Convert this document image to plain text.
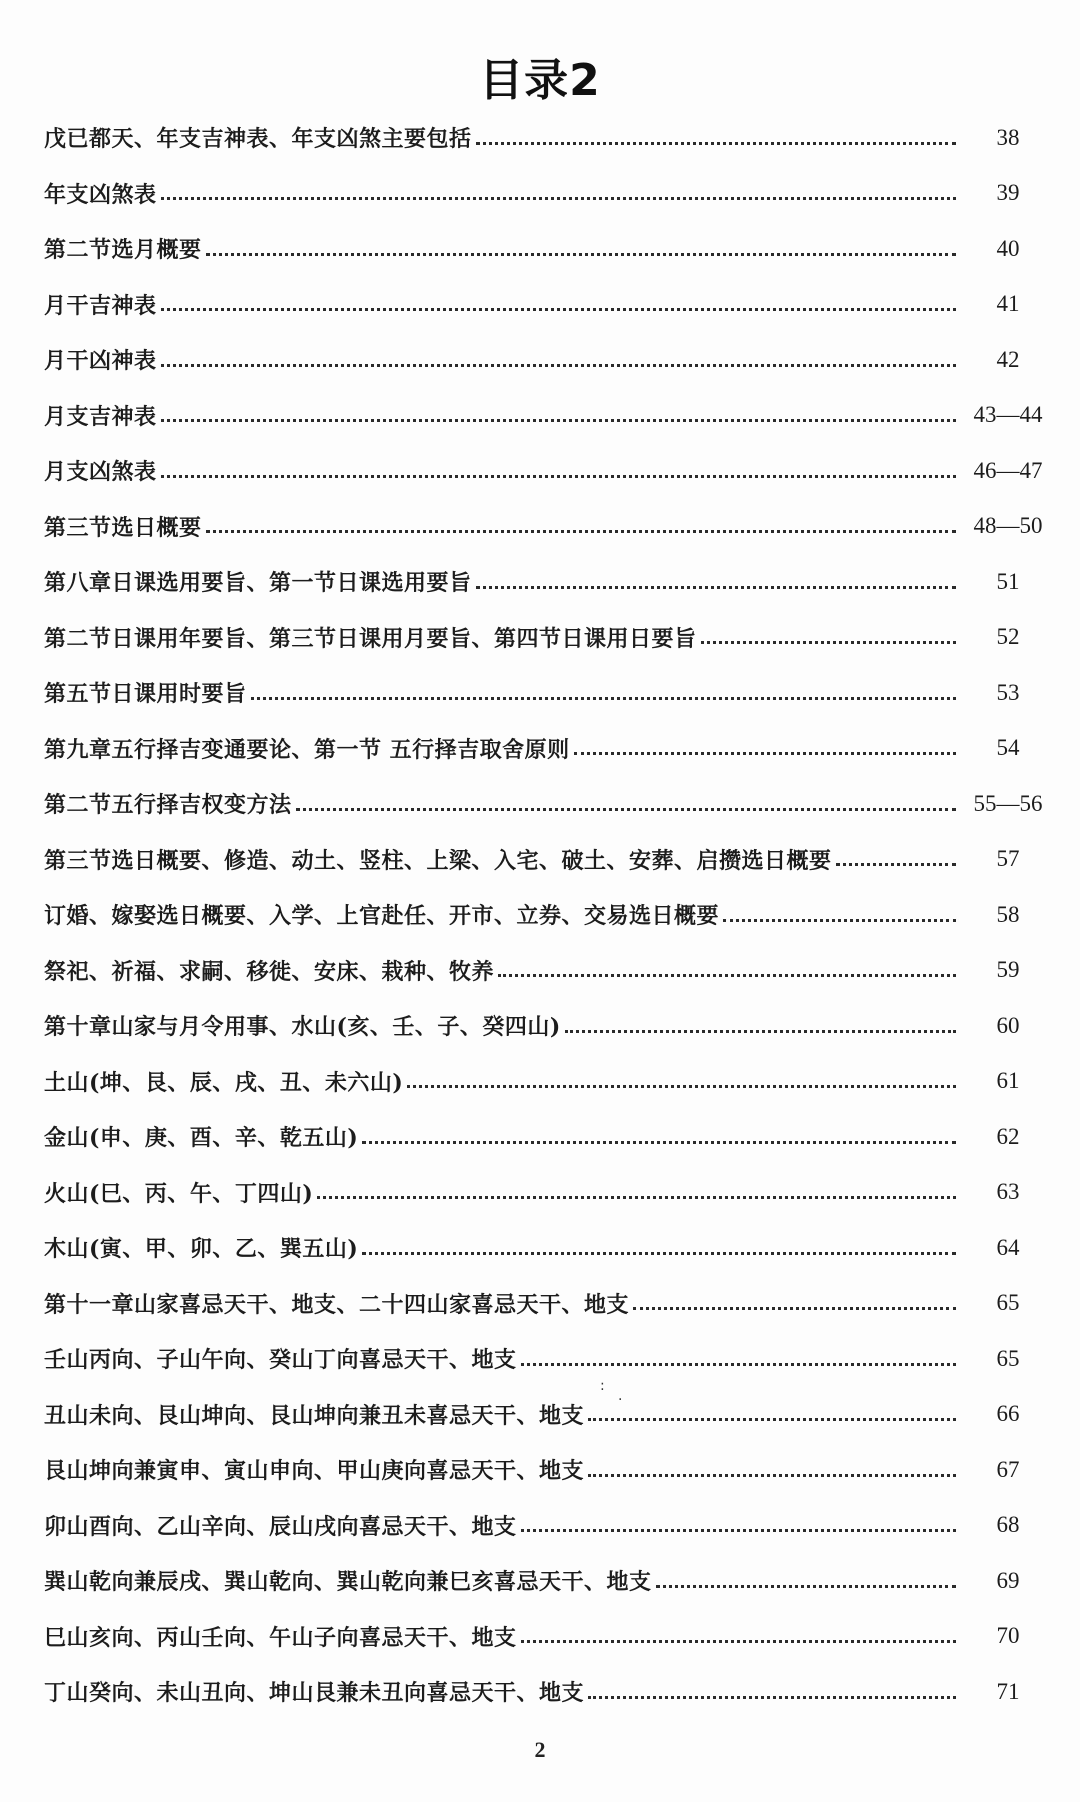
目录2
戊已都天、年支吉神表、年支凶煞主要包括	38
年支凶煞表	39
第二节选月概要	40
月干吉神表	41
月干凶神表	42
月支吉神表	43—44
月支凶煞表	46—47
第三节选日概要	48—50
第八章日课选用要旨、第一节日课选用要旨	51
第二节日课用年要旨、第三节日课用月要旨、第四节日课用日要旨	52
第五节日课用时要旨	53
第九章五行择吉变通要论、第一节 五行择吉取舍原则	54
第二节五行择吉权变方法	55—56
第三节选日概要、修造、动土、竖柱、上梁、入宅、破土、安葬、启攒选日概要	57
订婚、嫁娶选日概要、入学、上官赴任、开市、立券、交易选日概要	58
祭祀、祈福、求嗣、移徙、安床、栽种、牧养	59
第十章山家与月令用事、水山(亥、壬、子、癸四山)	60
土山(坤、艮、辰、戌、丑、未六山)	61
金山(申、庚、酉、辛、乾五山)	62
火山(巳、丙、午、丁四山)	63
木山(寅、甲、卯、乙、巽五山)	64
第十一章山家喜忌天干、地支、二十四山家喜忌天干、地支	65
壬山丙向、子山午向、癸山丁向喜忌天干、地支	65
丑山未向、艮山坤向、艮山坤向兼丑未喜忌天干、地支	66
艮山坤向兼寅申、寅山申向、甲山庚向喜忌天干、地支	67
卯山酉向、乙山辛向、辰山戌向喜忌天干、地支	68
巽山乾向兼辰戌、巽山乾向、巽山乾向兼巳亥喜忌天干、地支	69
巳山亥向、丙山壬向、午山子向喜忌天干、地支	70
丁山癸向、未山丑向、坤山艮兼未丑向喜忌天干、地支	71
2
:
.
